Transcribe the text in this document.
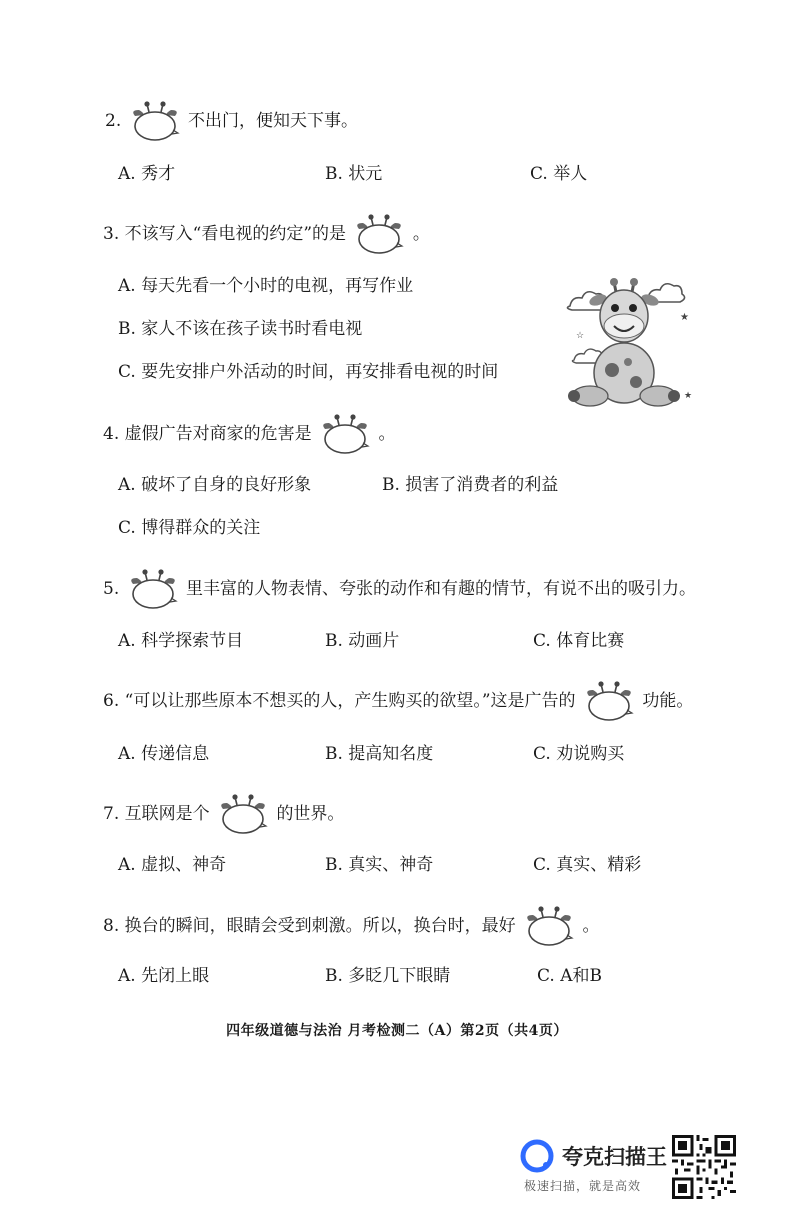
2.	不出门，便知天下事。
A. 秀才	B. 状元	C. 举人
3. 不该写入“看电视的约定”的是	。
A. 每天先看一个小时的电视，再写作业
B. 家人不该在孩子读书时看电视
C. 要先安排户外活动的时间，再安排看电视的时间
★
☆
★
4. 虚假广告对商家的危害是	。
A. 破坏了自身的良好形象	B. 损害了消费者的利益
C. 博得群众的关注
5.	里丰富的人物表情、夸张的动作和有趣的情节，有说不出的吸引力。
A. 科学探索节目	B. 动画片	C. 体育比赛
6. “可以让那些原本不想买的人，产生购买的欲望。”这是广告的	功能。
A. 传递信息	B. 提高知名度	C. 劝说购买
7. 互联网是个	的世界。
A. 虚拟、神奇	B. 真实、神奇	C. 真实、精彩
8. 换台的瞬间，眼睛会受到刺激。所以，换台时，最好	。
A. 先闭上眼	B. 多眨几下眼睛	C. A和B
四年级道德与法治 月考检测二（A）第2页（共4页）
夸克扫描王
极速扫描，就是高效
